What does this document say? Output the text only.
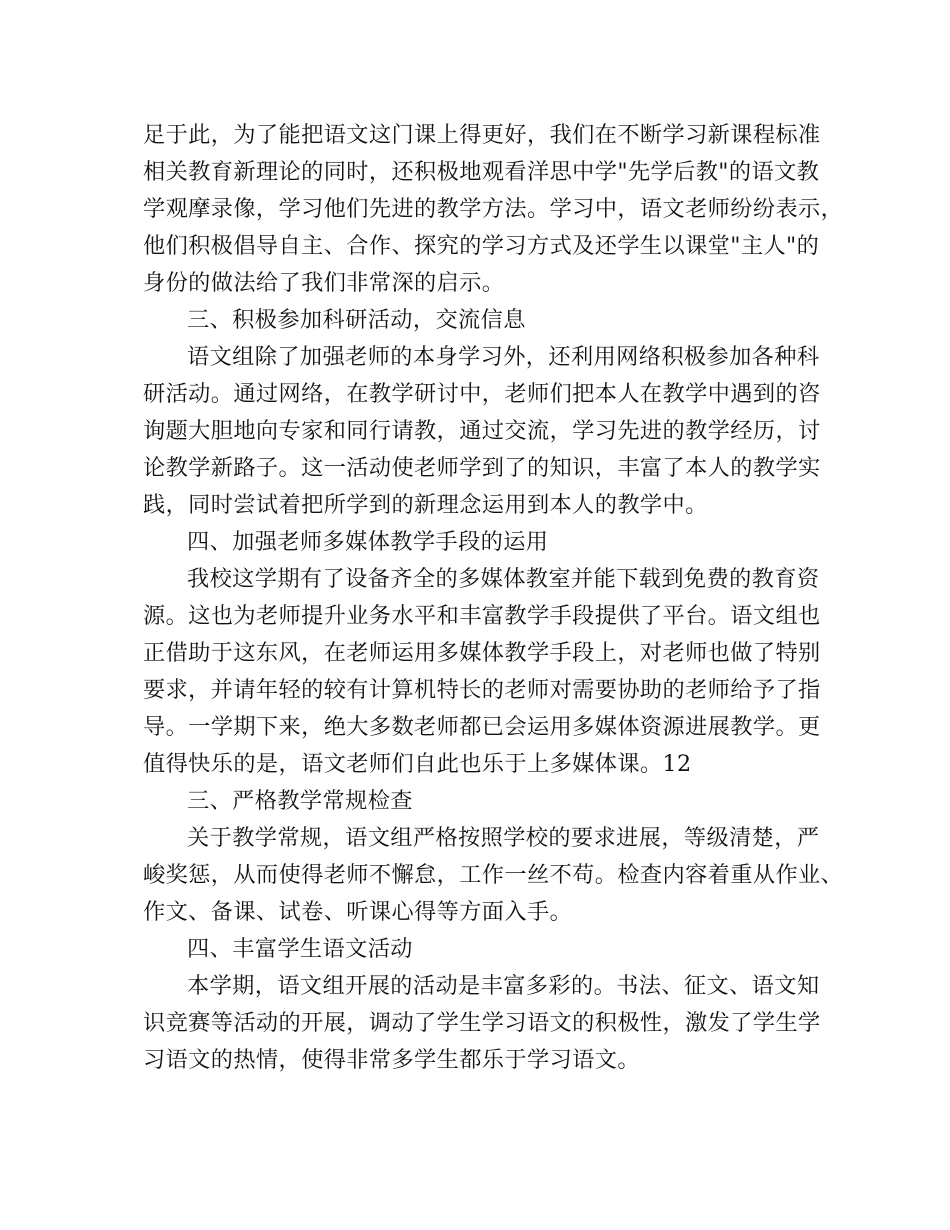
足于此，为了能把语文这门课上得更好，我们在不断学习新课程标准
相关教育新理论的同时，还积极地观看洋思中学"先学后教"的语文教
学观摩录像，学习他们先进的教学方法。学习中，语文老师纷纷表示，
他们积极倡导自主、合作、探究的学习方式及还学生以课堂"主人"的
身份的做法给了我们非常深的启示。
三、积极参加科研活动，交流信息
语文组除了加强老师的本身学习外，还利用网络积极参加各种科
研活动。通过网络，在教学研讨中，老师们把本人在教学中遇到的咨
询题大胆地向专家和同行请教，通过交流，学习先进的教学经历，讨
论教学新路子。这一活动使老师学到了的知识，丰富了本人的教学实
践，同时尝试着把所学到的新理念运用到本人的教学中。
四、加强老师多媒体教学手段的运用
我校这学期有了设备齐全的多媒体教室并能下载到免费的教育资
源。这也为老师提升业务水平和丰富教学手段提供了平台。语文组也
正借助于这东风，在老师运用多媒体教学手段上，对老师也做了特别
要求，并请年轻的较有计算机特长的老师对需要协助的老师给予了指
导。一学期下来，绝大多数老师都已会运用多媒体资源进展教学。更
值得快乐的是，语文老师们自此也乐于上多媒体课。12
三、严格教学常规检查
关于教学常规，语文组严格按照学校的要求进展，等级清楚，严
峻奖惩，从而使得老师不懈怠，工作一丝不苟。检查内容着重从作业、
作文、备课、试卷、听课心得等方面入手。
四、丰富学生语文活动
本学期，语文组开展的活动是丰富多彩的。书法、征文、语文知
识竞赛等活动的开展，调动了学生学习语文的积极性，激发了学生学
习语文的热情，使得非常多学生都乐于学习语文。
